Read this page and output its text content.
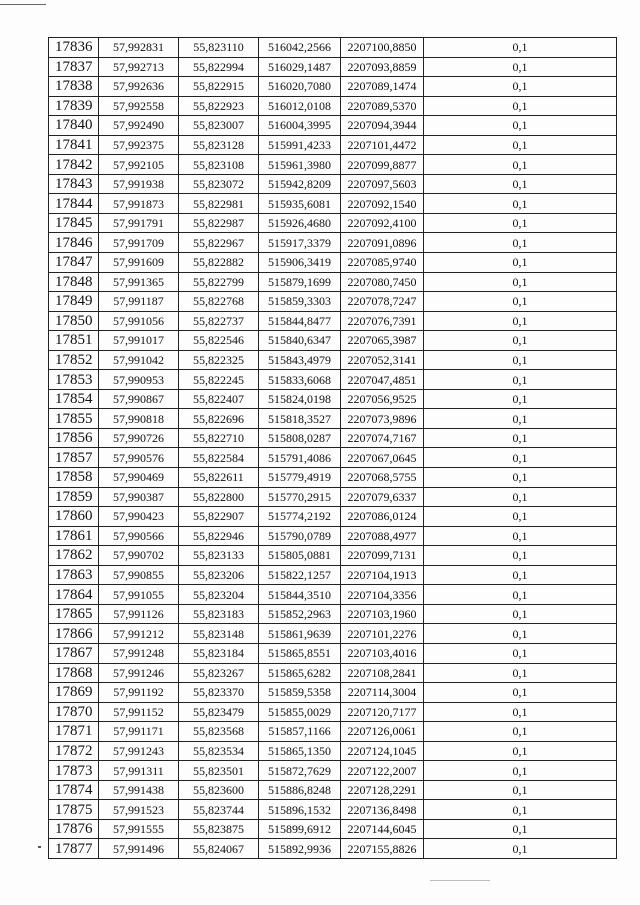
17836	57,992831	55,823110	516042,2566	2207100,8850	0,1
17837	57,992713	55,822994	516029,1487	2207093,8859	0,1
17838	57,992636	55,822915	516020,7080	2207089,1474	0,1
17839	57,992558	55,822923	516012,0108	2207089,5370	0,1
17840	57,992490	55,823007	516004,3995	2207094,3944	0,1
17841	57,992375	55,823128	515991,4233	2207101,4472	0,1
17842	57,992105	55,823108	515961,3980	2207099,8877	0,1
17843	57,991938	55,823072	515942,8209	2207097,5603	0,1
17844	57,991873	55,822981	515935,6081	2207092,1540	0,1
17845	57,991791	55,822987	515926,4680	2207092,4100	0,1
17846	57,991709	55,822967	515917,3379	2207091,0896	0,1
17847	57,991609	55,822882	515906,3419	2207085,9740	0,1
17848	57,991365	55,822799	515879,1699	2207080,7450	0,1
17849	57,991187	55,822768	515859,3303	2207078,7247	0,1
17850	57,991056	55,822737	515844,8477	2207076,7391	0,1
17851	57,991017	55,822546	515840,6347	2207065,3987	0,1
17852	57,991042	55,822325	515843,4979	2207052,3141	0,1
17853	57,990953	55,822245	515833,6068	2207047,4851	0,1
17854	57,990867	55,822407	515824,0198	2207056,9525	0,1
17855	57,990818	55,822696	515818,3527	2207073,9896	0,1
17856	57,990726	55,822710	515808,0287	2207074,7167	0,1
17857	57,990576	55,822584	515791,4086	2207067,0645	0,1
17858	57,990469	55,822611	515779,4919	2207068,5755	0,1
17859	57,990387	55,822800	515770,2915	2207079,6337	0,1
17860	57,990423	55,822907	515774,2192	2207086,0124	0,1
17861	57,990566	55,822946	515790,0789	2207088,4977	0,1
17862	57,990702	55,823133	515805,0881	2207099,7131	0,1
17863	57,990855	55,823206	515822,1257	2207104,1913	0,1
17864	57,991055	55,823204	515844,3510	2207104,3356	0,1
17865	57,991126	55,823183	515852,2963	2207103,1960	0,1
17866	57,991212	55,823148	515861,9639	2207101,2276	0,1
17867	57,991248	55,823184	515865,8551	2207103,4016	0,1
17868	57,991246	55,823267	515865,6282	2207108,2841	0,1
17869	57,991192	55,823370	515859,5358	2207114,3004	0,1
17870	57,991152	55,823479	515855,0029	2207120,7177	0,1
17871	57,991171	55,823568	515857,1166	2207126,0061	0,1
17872	57,991243	55,823534	515865,1350	2207124,1045	0,1
17873	57,991311	55,823501	515872,7629	2207122,2007	0,1
17874	57,991438	55,823600	515886,8248	2207128,2291	0,1
17875	57,991523	55,823744	515896,1532	2207136,8498	0,1
17876	57,991555	55,823875	515899,6912	2207144,6045	0,1
17877	57,991496	55,824067	515892,9936	2207155,8826	0,1
